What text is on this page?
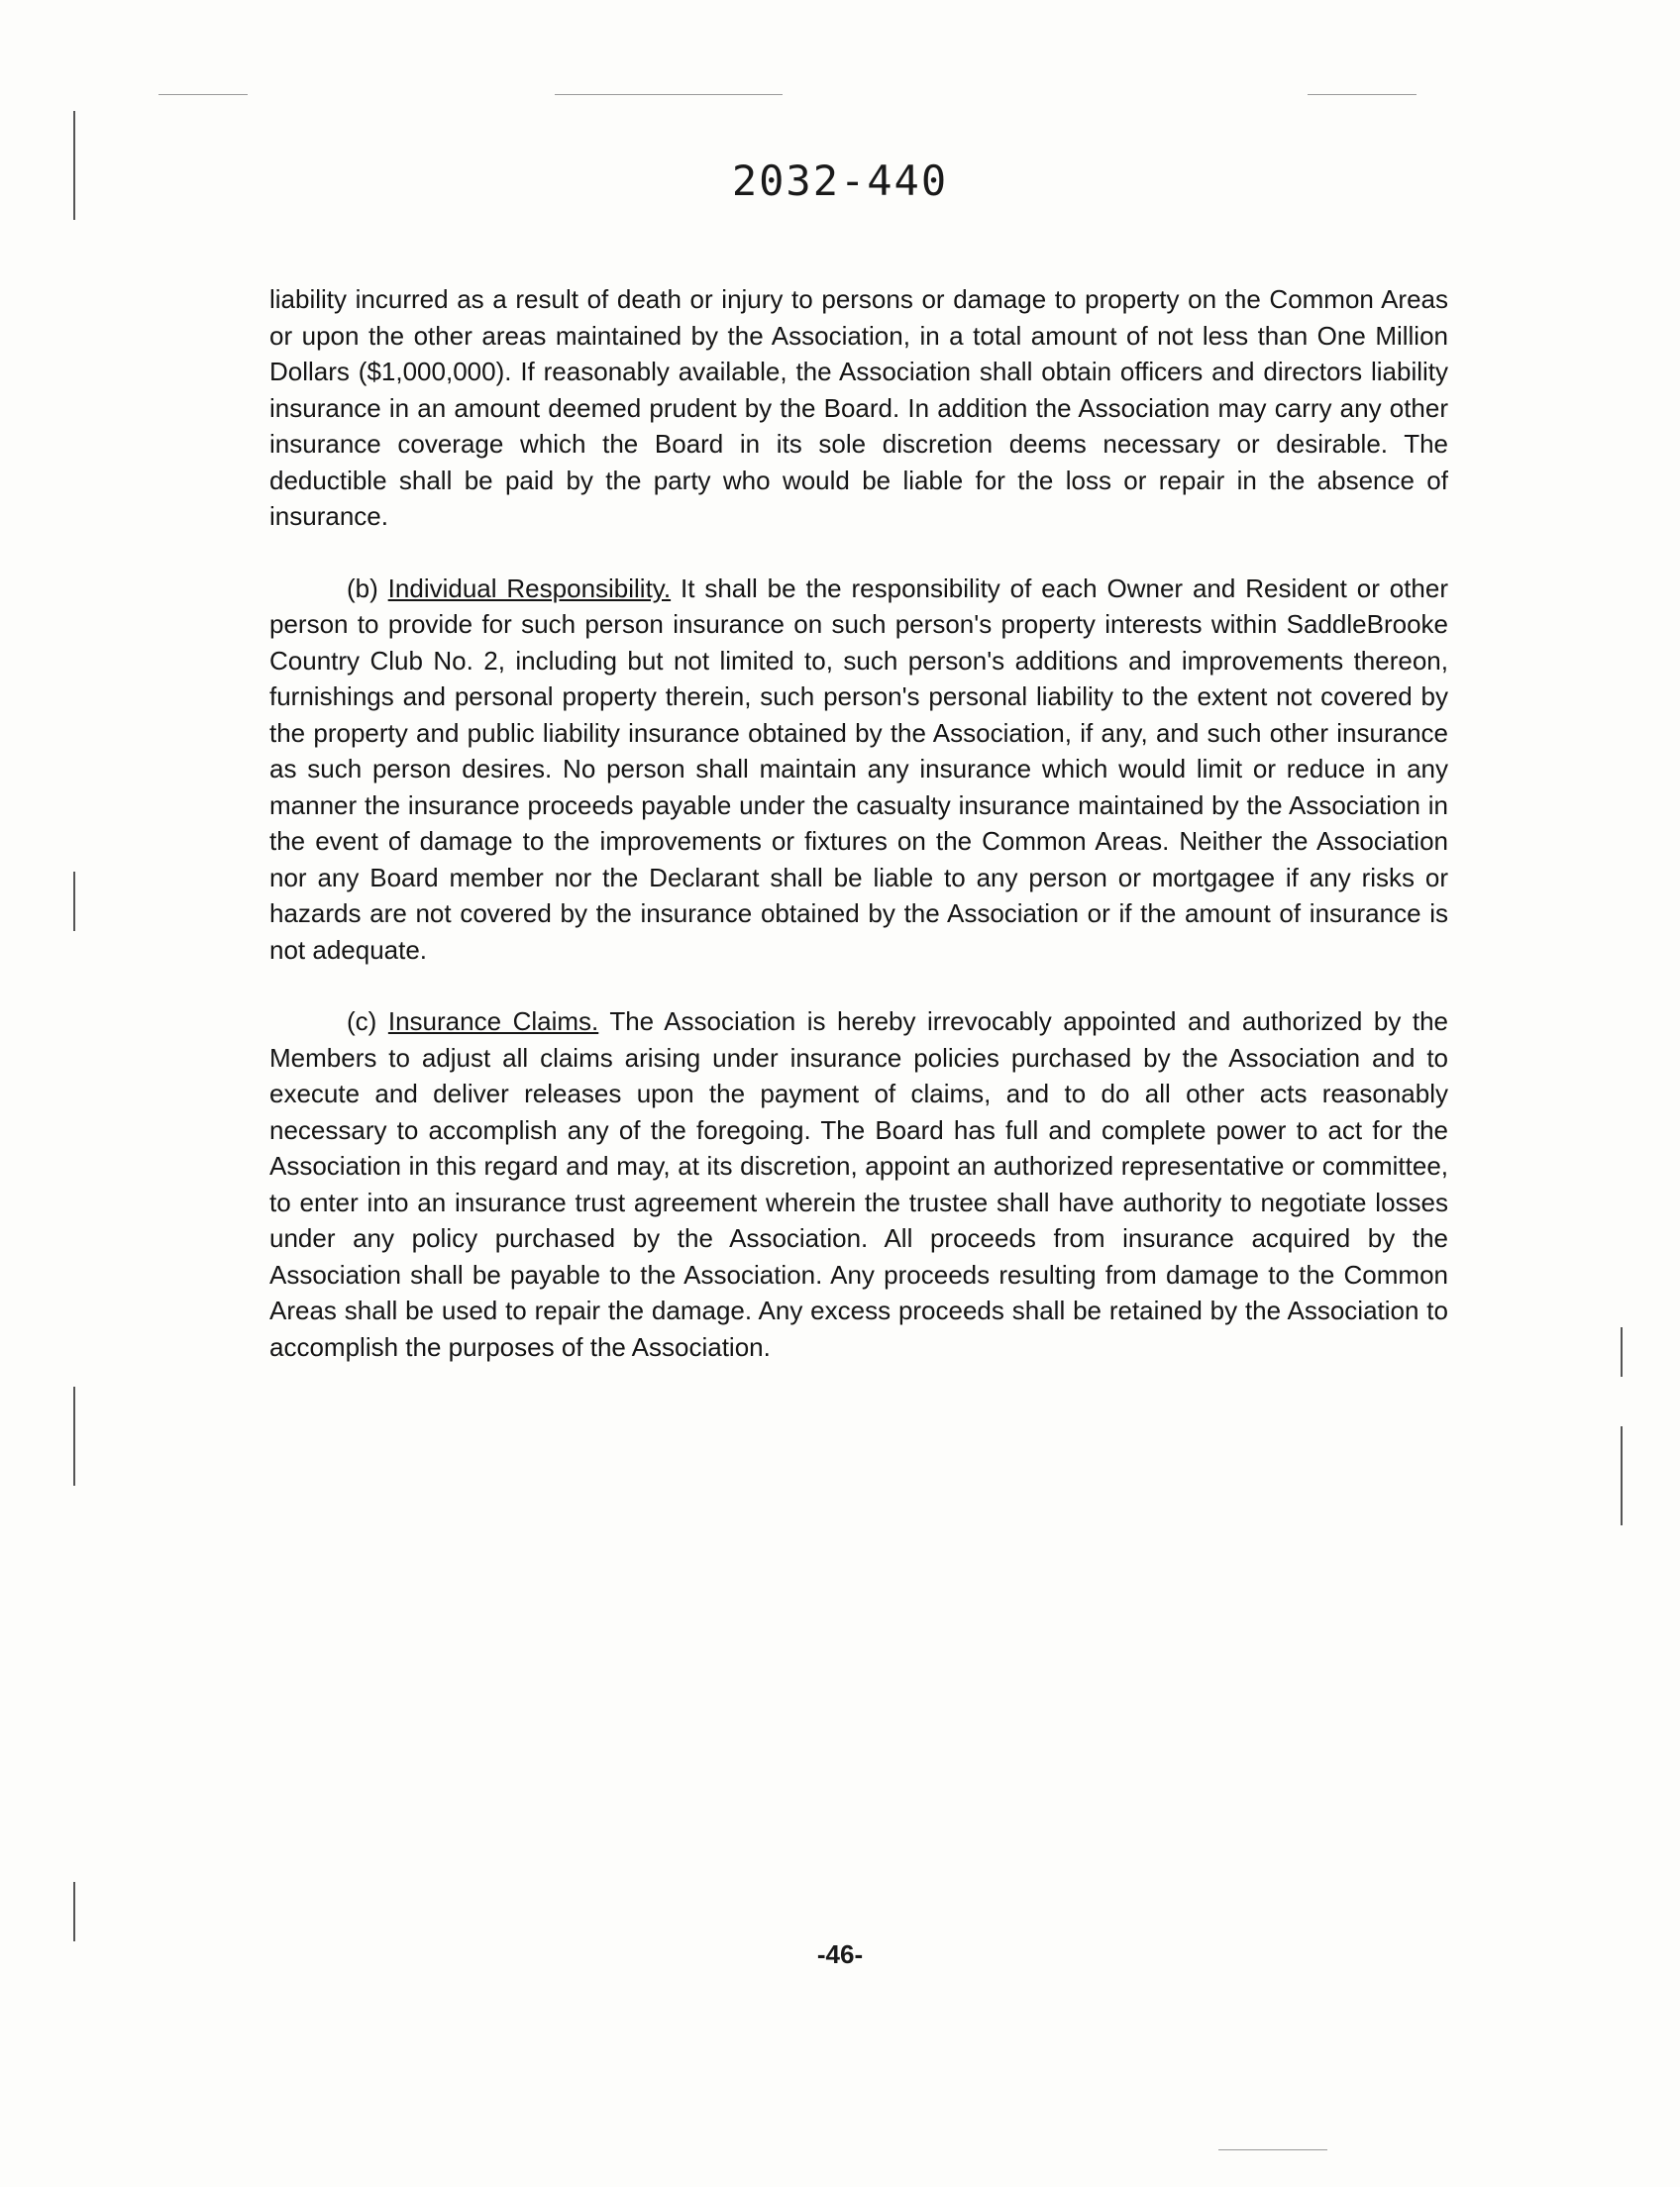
2032-440

liability incurred as a result of death or injury to persons or damage to property on the Common Areas or upon the other areas maintained by the Association, in a total amount of not less than One Million Dollars ($1,000,000). If reasonably available, the Association shall obtain officers and directors liability insurance in an amount deemed prudent by the Board. In addition the Association may carry any other insurance coverage which the Board in its sole discretion deems necessary or desirable. The deductible shall be paid by the party who would be liable for the loss or repair in the absence of insurance.

(b) Individual Responsibility. It shall be the responsibility of each Owner and Resident or other person to provide for such person insurance on such person's property interests within SaddleBrooke Country Club No. 2, including but not limited to, such person's additions and improvements thereon, furnishings and personal property therein, such person's personal liability to the extent not covered by the property and public liability insurance obtained by the Association, if any, and such other insurance as such person desires. No person shall maintain any insurance which would limit or reduce in any manner the insurance proceeds payable under the casualty insurance maintained by the Association in the event of damage to the improvements or fixtures on the Common Areas. Neither the Association nor any Board member nor the Declarant shall be liable to any person or mortgagee if any risks or hazards are not covered by the insurance obtained by the Association or if the amount of insurance is not adequate.

(c) Insurance Claims. The Association is hereby irrevocably appointed and authorized by the Members to adjust all claims arising under insurance policies purchased by the Association and to execute and deliver releases upon the payment of claims, and to do all other acts reasonably necessary to accomplish any of the foregoing. The Board has full and complete power to act for the Association in this regard and may, at its discretion, appoint an authorized representative or committee, to enter into an insurance trust agreement wherein the trustee shall have authority to negotiate losses under any policy purchased by the Association. All proceeds from insurance acquired by the Association shall be payable to the Association. Any proceeds resulting from damage to the Common Areas shall be used to repair the damage. Any excess proceeds shall be retained by the Association to accomplish the purposes of the Association.

-46-
